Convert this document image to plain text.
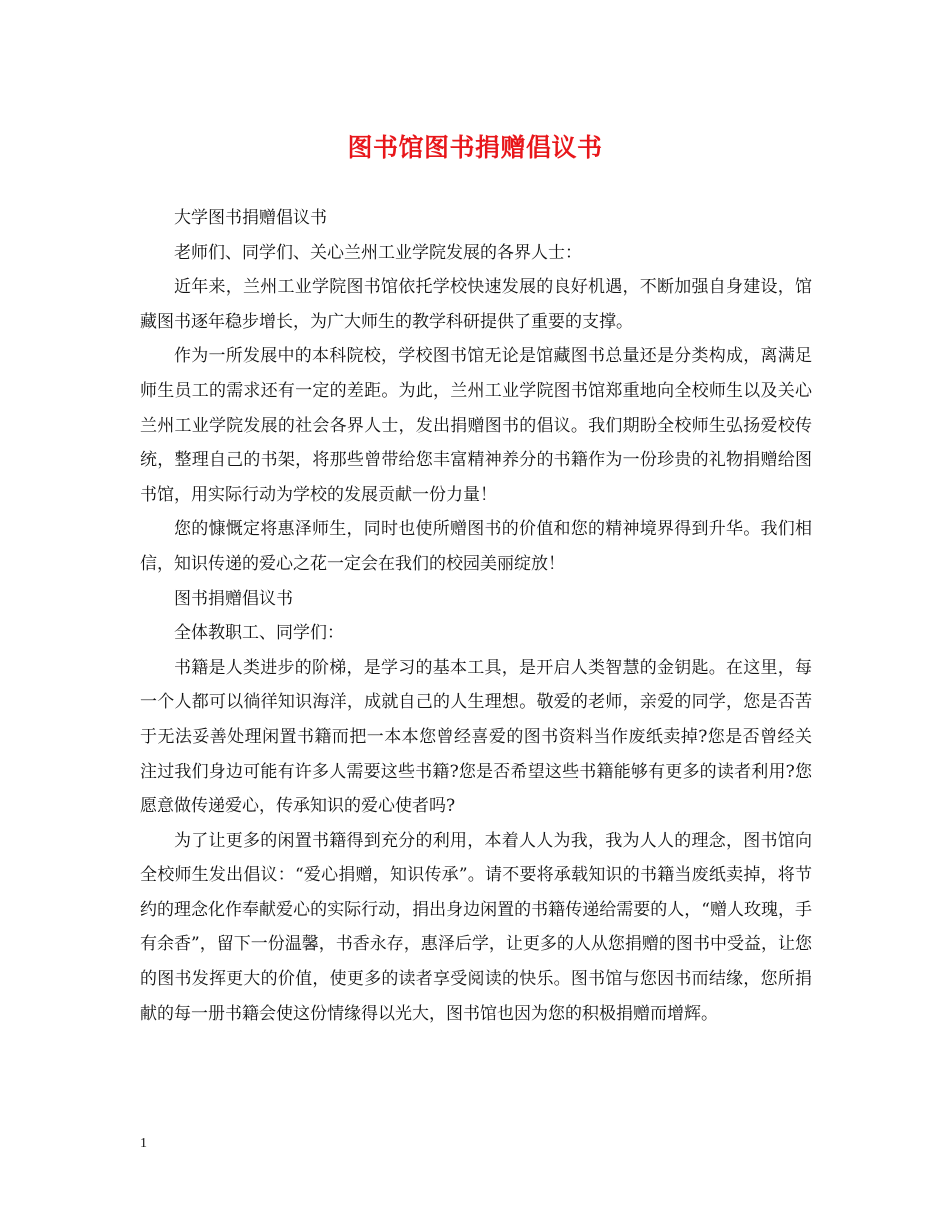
图书馆图书捐赠倡议书

大学图书捐赠倡议书

老师们、同学们、关心兰州工业学院发展的各界人士：

近年来，兰州工业学院图书馆依托学校快速发展的良好机遇，不断加强自身建设，馆藏图书逐年稳步增长，为广大师生的教学科研提供了重要的支撑。

作为一所发展中的本科院校，学校图书馆无论是馆藏图书总量还是分类构成，离满足师生员工的需求还有一定的差距。为此，兰州工业学院图书馆郑重地向全校师生以及关心兰州工业学院发展的社会各界人士，发出捐赠图书的倡议。我们期盼全校师生弘扬爱校传统，整理自己的书架，将那些曾带给您丰富精神养分的书籍作为一份珍贵的礼物捐赠给图书馆，用实际行动为学校的发展贡献一份力量！

您的慷慨定将惠泽师生，同时也使所赠图书的价值和您的精神境界得到升华。我们相信，知识传递的爱心之花一定会在我们的校园美丽绽放！

图书捐赠倡议书

全体教职工、同学们：

书籍是人类进步的阶梯，是学习的基本工具，是开启人类智慧的金钥匙。在这里，每一个人都可以徜徉知识海洋，成就自己的人生理想。敬爱的老师，亲爱的同学，您是否苦于无法妥善处理闲置书籍而把一本本您曾经喜爱的图书资料当作废纸卖掉?您是否曾经关注过我们身边可能有许多人需要这些书籍?您是否希望这些书籍能够有更多的读者利用?您愿意做传递爱心，传承知识的爱心使者吗?

为了让更多的闲置书籍得到充分的利用，本着人人为我，我为人人的理念，图书馆向全校师生发出倡议：“爱心捐赠，知识传承”。请不要将承载知识的书籍当废纸卖掉，将节约的理念化作奉献爱心的实际行动，捐出身边闲置的书籍传递给需要的人，“赠人玫瑰，手有余香”，留下一份温馨，书香永存，惠泽后学，让更多的人从您捐赠的图书中受益，让您的图书发挥更大的价值，使更多的读者享受阅读的快乐。图书馆与您因书而结缘，您所捐献的每一册书籍会使这份情缘得以光大，图书馆也因为您的积极捐赠而增辉。

1
